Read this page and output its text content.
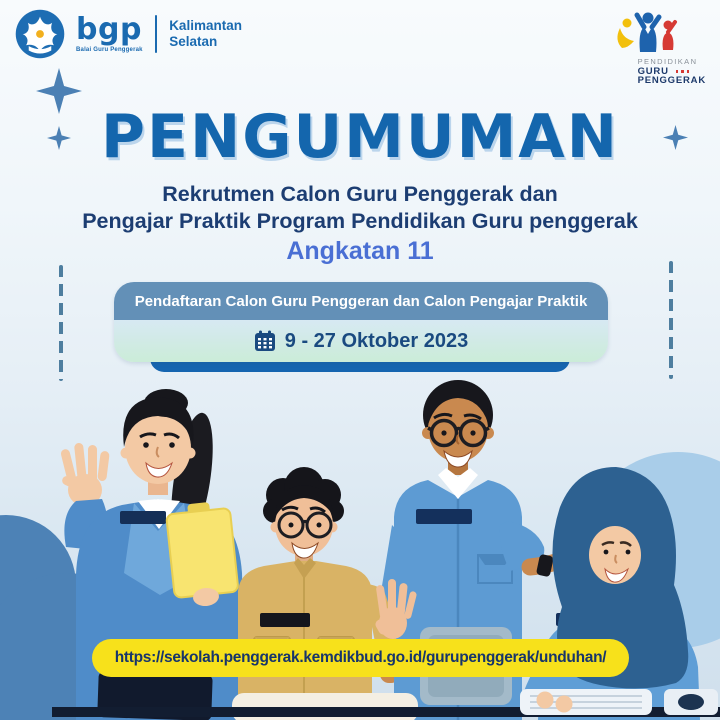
bgp
Balai Guru Penggerak
Kalimantan
Selatan
PENDIDIKAN
GURU
PENGGERAK
PENGUMUMAN
Rekrutmen Calon Guru Penggerak dan
Pengajar Praktik Program Pendidikan Guru penggerak
Angkatan 11
Pendaftaran Calon Guru Penggeran dan Calon Pengajar Praktik
9 - 27 Oktober 2023
https://sekolah.penggerak.kemdikbud.go.id/gurupenggerak/unduhan/
